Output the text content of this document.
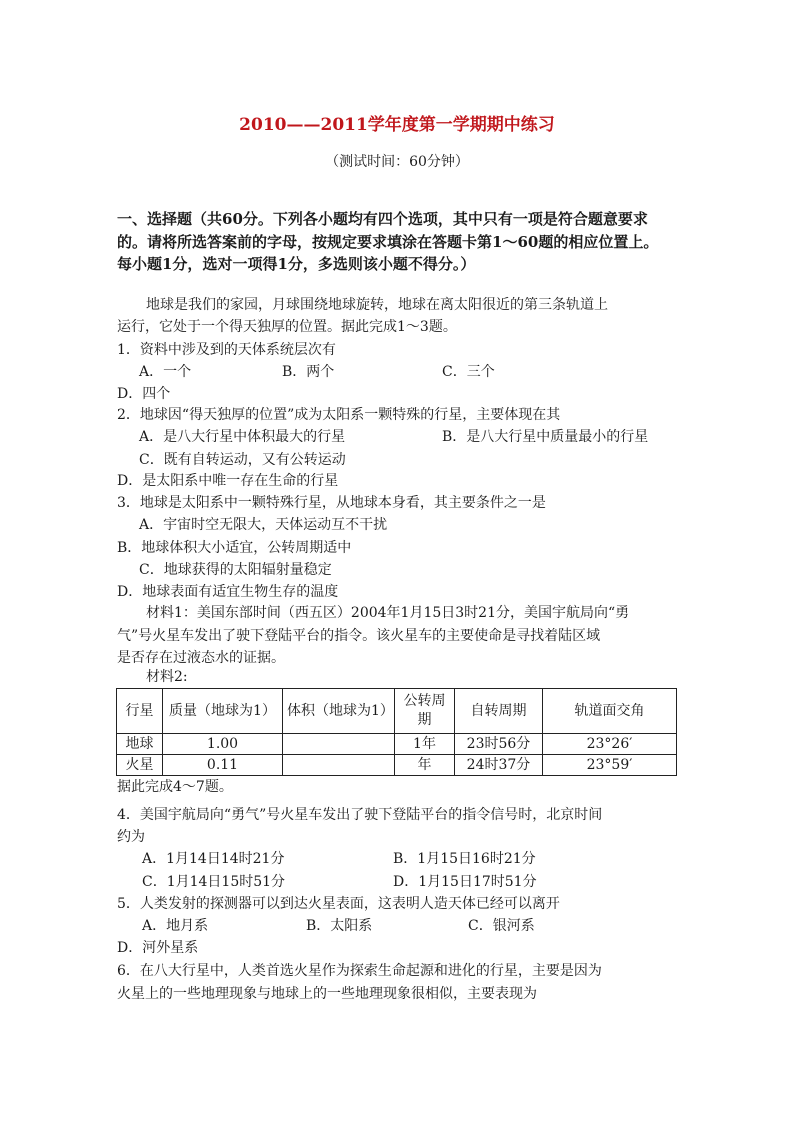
2010——2011学年度第一学期期中练习
（测试时间：60分钟）
一、选择题（共60分。下列各小题均有四个选项，其中只有一项是符合题意要求
的。请将所选答案前的字母，按规定要求填涂在答题卡第1～60题的相应位置上。
每小题1分，选对一项得1分，多选则该小题不得分。）
地球是我们的家园，月球围绕地球旋转，地球在离太阳很近的第三条轨道上
运行，它处于一个得天独厚的位置。据此完成1～3题。
1．资料中涉及到的天体系统层次有
A．一个	B．两个	C．三个
D．四个
2．地球因“得天独厚的位置”成为太阳系一颗特殊的行星，主要体现在其
A．是八大行星中体积最大的行星	B．是八大行星中质量最小的行星
C．既有自转运动，又有公转运动
D．是太阳系中唯一存在生命的行星
3．地球是太阳系中一颗特殊行星，从地球本身看，其主要条件之一是
A．宇宙时空无限大，天体运动互不干扰
B．地球体积大小适宜，公转周期适中
C．地球获得的太阳辐射量稳定
D．地球表面有适宜生物生存的温度
材料1：美国东部时间（西五区）2004年1月15日3时21分，美国宇航局向“勇
气”号火星车发出了驶下登陆平台的指令。该火星车的主要使命是寻找着陆区域
是否存在过液态水的证据。
材料2:
行星	质量（地球为1）	体积（地球为1）	公转周期	自转周期	轨道面交角
地球	1.00		1年	23时56分	23°26′
火星	0.11		年	24时37分	23°59′
据此完成4～7题。
4．美国宇航局向“勇气”号火星车发出了驶下登陆平台的指令信号时，北京时间
约为
A．1月14日14时21分	B．1月15日16时21分
C．1月14日15时51分	D．1月15日17时51分
5．人类发射的探测器可以到达火星表面，这表明人造天体已经可以离开
A．地月系	B．太阳系	C．银河系
D．河外星系
6．在八大行星中，人类首选火星作为探索生命起源和进化的行星，主要是因为
火星上的一些地理现象与地球上的一些地理现象很相似，主要表现为
